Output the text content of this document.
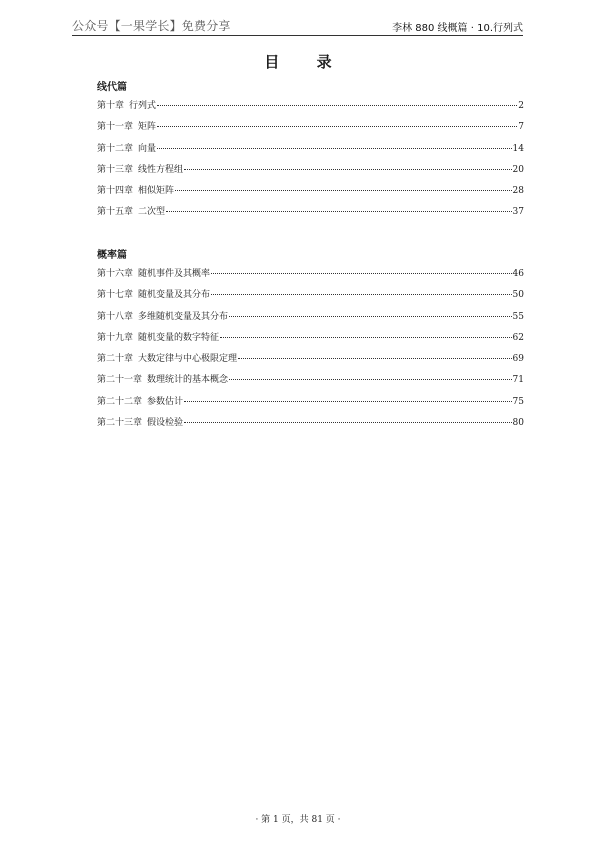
公众号【一果学长】免费分享	李林 880 线概篇 · 10.行列式
目 录
线代篇
第十章 行列式	2
第十一章 矩阵	7
第十二章 向量	14
第十三章 线性方程组	20
第十四章 相似矩阵	28
第十五章 二次型	37
概率篇
第十六章 随机事件及其概率	46
第十七章 随机变量及其分布	50
第十八章 多维随机变量及其分布	55
第十九章 随机变量的数字特征	62
第二十章 大数定律与中心极限定理	69
第二十一章 数理统计的基本概念	71
第二十二章 参数估计	75
第二十三章 假设检验	80
· 第 1 页，共 81 页 ·
